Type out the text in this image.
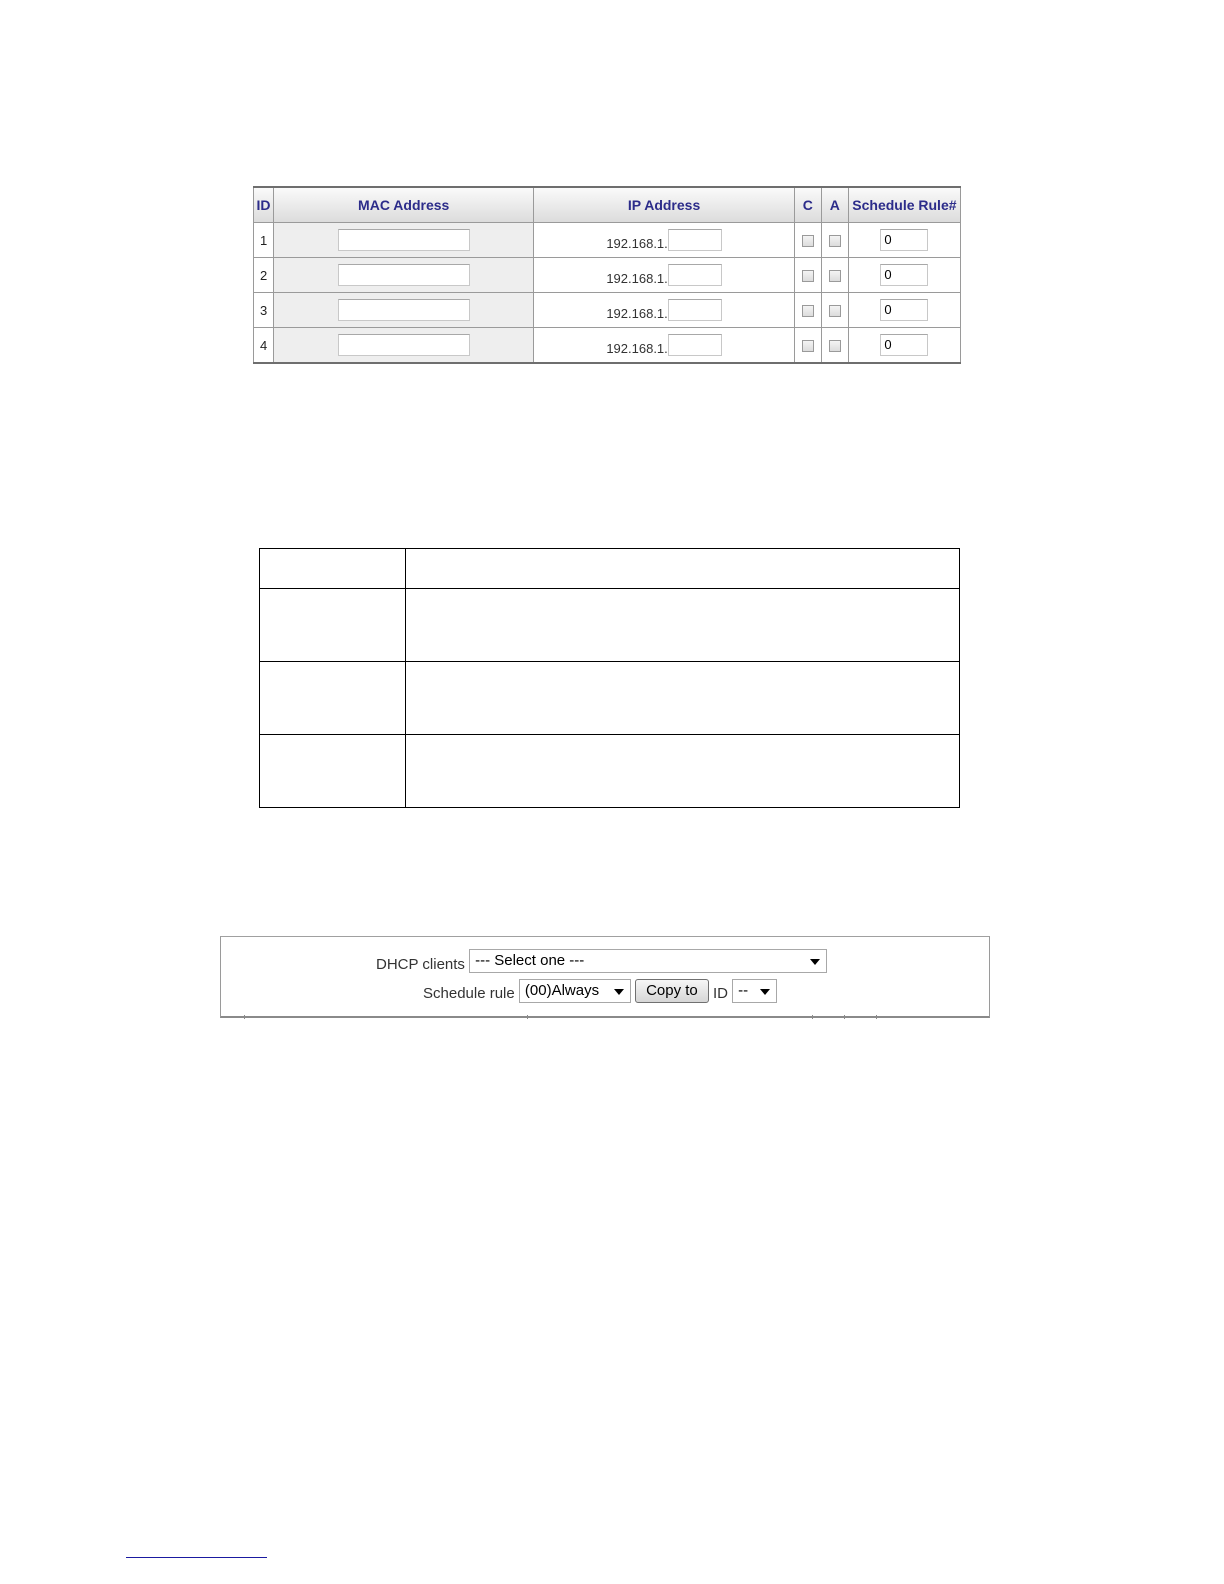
ID	MAC Address	IP Address	C	A	Schedule Rule#
1		192.168.1.			0
2		192.168.1.			0
3		192.168.1.			0
4		192.168.1.			0

DHCP clients --- Select one ---
Schedule rule (00)Always	Copy to ID --
